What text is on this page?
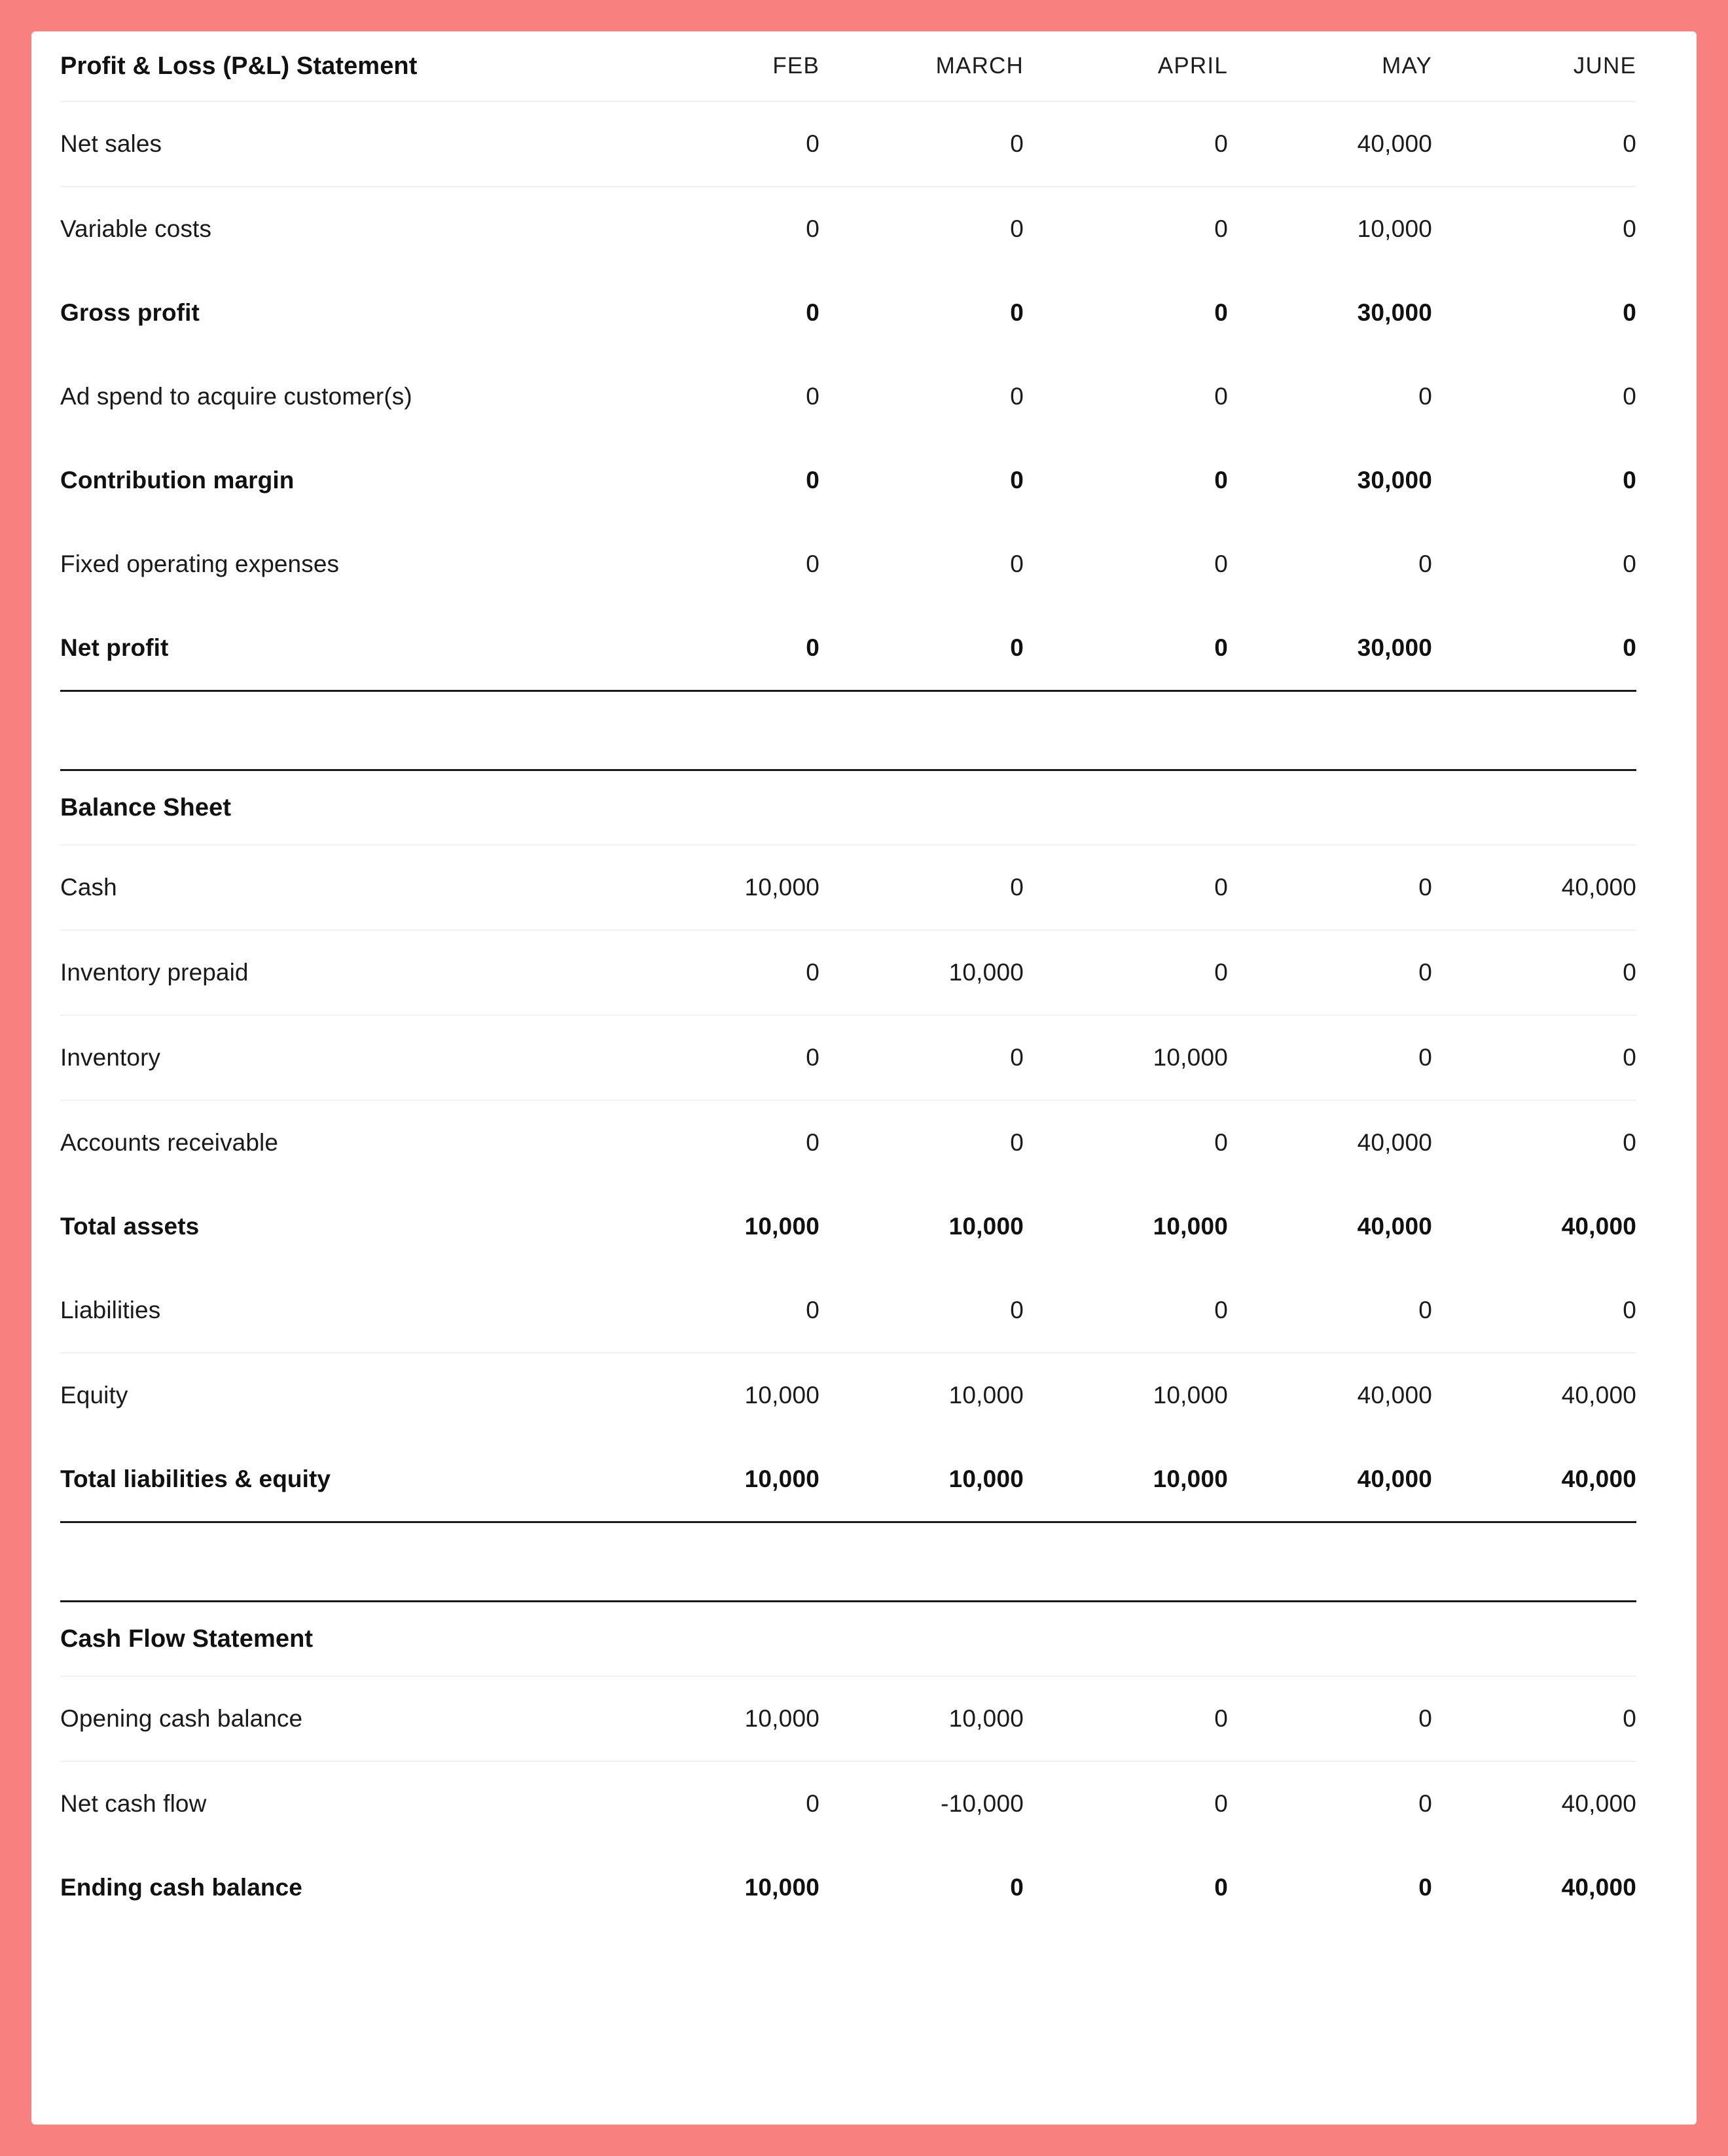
Profit & Loss (P&L) Statement	FEB	MARCH	APRIL	MAY	JUNE
Net sales	0	0	0	40,000	0
Variable costs	0	0	0	10,000	0
Gross profit	0	0	0	30,000	0
Ad spend to acquire customer(s)	0	0	0	0	0
Contribution margin	0	0	0	30,000	0
Fixed operating expenses	0	0	0	0	0
Net profit	0	0	0	30,000	0

Balance Sheet					
Cash	10,000	0	0	0	40,000
Inventory prepaid	0	10,000	0	0	0
Inventory	0	0	10,000	0	0
Accounts receivable	0	0	0	40,000	0
Total assets	10,000	10,000	10,000	40,000	40,000
Liabilities	0	0	0	0	0
Equity	10,000	10,000	10,000	40,000	40,000
Total liabilities & equity	10,000	10,000	10,000	40,000	40,000

Cash Flow Statement					
Opening cash balance	10,000	10,000	0	0	0
Net cash flow	0	-10,000	0	0	40,000
Ending cash balance	10,000	0	0	0	40,000
